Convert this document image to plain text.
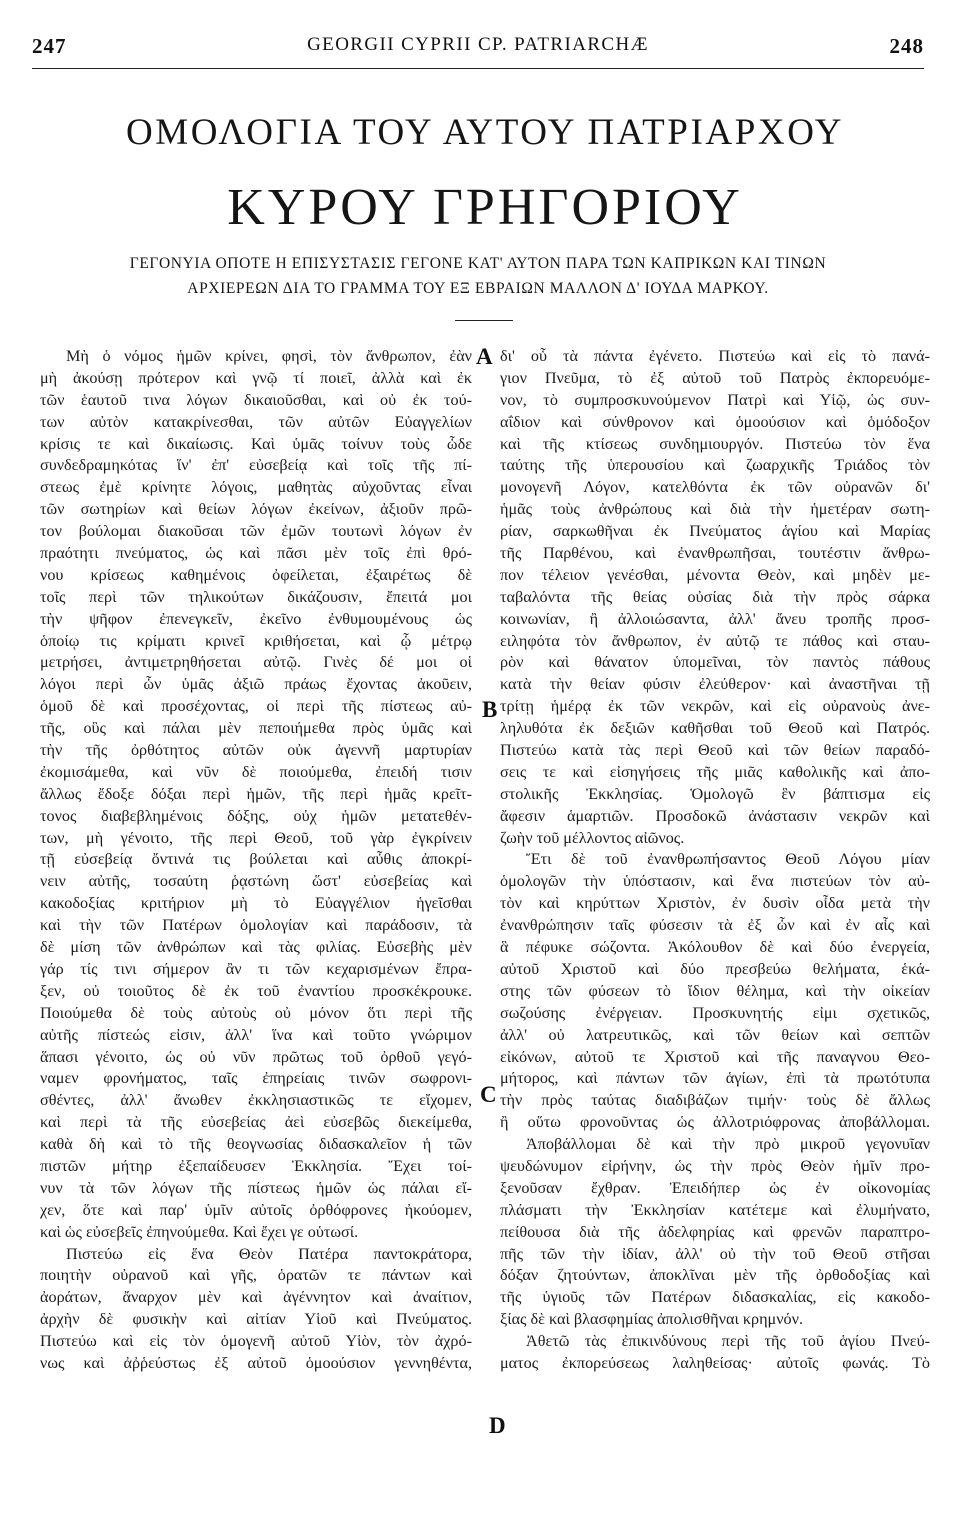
247	GEORGII CYPRII CP. PATRIARCHÆ	248
ΟΜΟΛΟΓΙΑ ΤΟΥ ΑΥΤΟΥ ΠΑΤΡΙΑΡΧΟΥ
ΚΥΡΟΥ ΓΡΗΓΟΡΙΟΥ
ΓΕΓΟΝΥΙΑ ΟΠΟΤΕ Η ΕΠΙΣΥΣΤΑΣΙΣ ΓΕΓΟΝΕ ΚΑΤ' ΑΥΤΟΝ ΠΑΡΑ ΤΩΝ ΚΑΠΡΙΚΩΝ ΚΑΙ ΤΙΝΩΝ
ΑΡΧΙΕΡΕΩΝ ΔΙΑ ΤΟ ΓΡΑΜΜΑ ΤΟΥ ΕΞ ΕΒΡΑΙΩΝ ΜΑΛΛΟΝ Δ' ΙΟΥΔΑ ΜΑΡΚΟΥ.
Μὴ ὁ νόμος ἡμῶν κρίνει, φησὶ, τὸν ἄνθρωπον, ἐὰν
μὴ ἀκούσῃ πρότερον καὶ γνῷ τί ποιεῖ, ἀλλὰ καὶ ἐκ
τῶν ἑαυτοῦ τινα λόγων δικαιοῦσθαι, καὶ οὐ ἐκ τού-
των αὐτὸν κατακρίνεσθαι, τῶν αὐτῶν Εὐαγγελίων
κρίσις τε καὶ δικαίωσις. Καὶ ὑμᾶς τοίνυν τοὺς ὧδε
συνδεδραμηκότας ἵν' ἐπ' εὐσεβείᾳ καὶ τοῖς τῆς πί-
στεως ἐμὲ κρίνητε λόγοις, μαθητὰς αὐχοῦντας εἶναι
τῶν σωτηρίων καὶ θείων λόγων ἐκείνων, ἀξιοῦν πρῶ-
τον βούλομαι διακοῦσαι τῶν ἐμῶν τουτωνὶ λόγων ἐν
πραότητι πνεύματος, ὡς καὶ πᾶσι μὲν τοῖς ἐπὶ θρό-
νου κρίσεως καθημένοις ὀφείλεται, ἐξαιρέτως δὲ
τοῖς περὶ τῶν τηλικούτων δικάζουσιν, ἔπειτά μοι
τὴν ψῆφον ἐπενεγκεῖν, ἐκεῖνο ἐνθυμουμένους ὡς
ὁποίῳ τις κρίματι κρινεῖ κριθήσεται, καὶ ᾧ μέτρῳ
μετρήσει, ἀντιμετρηθήσεται αὐτῷ. Γινὲς δέ μοι οἱ
λόγοι περὶ ὧν ὑμᾶς ἀξιῶ πράως ἔχοντας ἀκοῦειν,
ὁμοῦ δὲ καὶ προσέχοντας, οἱ περὶ τῆς πίστεως αὐ-
τῆς, οὓς καὶ πάλαι μὲν πεποιήμεθα πρὸς ὑμᾶς καὶ
τὴν τῆς ὀρθότητος αὐτῶν οὐκ ἀγεννῆ μαρτυρίαν
ἐκομισάμεθα, καὶ νῦν δὲ ποιούμεθα, ἐπειδή τισιν
ἄλλως ἔδοξε δόξαι περὶ ἡμῶν, τῆς περὶ ἡμᾶς κρεῖτ-
τονος διαβεβλημένοις δόξης, οὐχ ἡμῶν μετατεθέν-
των, μὴ γένοιτο, τῆς περὶ Θεοῦ, τοῦ γὰρ ἐγκρίνειν
τῇ εὐσεβείᾳ ὄντινά τις βούλεται καὶ αὖθις ἀποκρί-
νειν αὐτῆς, τοσαύτη ῥᾳστώνη ὥστ' εὐσεβείας καὶ
κακοδοξίας κριτήριον μὴ τὸ Εὐαγγέλιον ἡγεῖσθαι
καὶ τὴν τῶν Πατέρων ὁμολογίαν καὶ παράδοσιν, τὰ
δὲ μίση τῶν ἀνθρώπων καὶ τὰς φιλίας. Εὐσεβὴς μὲν
γάρ τίς τινι σήμερον ἂν τι τῶν κεχαρισμένων ἔπρα-
ξεν, οὐ τοιοῦτος δὲ ἐκ τοῦ ἐναντίου προσκέκρουκε.
Ποιούμεθα δὲ τοὺς αὐτοὺς οὐ μόνον ὅτι περὶ τῆς
αὐτῆς πίστεώς εἰσιν, ἀλλ' ἵνα καὶ τοῦτο γνώριμον
ἅπασι γένοιτο, ὡς οὐ νῦν πρῶτως τοῦ ὀρθοῦ γεγό-
ναμεν φρονήματος, ταῖς ἐπηρείαις τινῶν σωφρονι-
σθέντες, ἀλλ' ἄνωθεν ἐκκλησιαστικῶς τε εἴχομεν,
καὶ περὶ τὰ τῆς εὐσεβείας ἀεὶ εὐσεβῶς διεκείμεθα,
καθὰ δὴ καὶ τὸ τῆς θεογνωσίας διδασκαλεῖον ἡ τῶν
πιστῶν μήτηρ ἐξεπαίδευσεν Ἐκκλησία. Ἔχει τοί-
νυν τὰ τῶν λόγων τῆς πίστεως ἡμῶν ὡς πάλαι εἴ-
χεν, ὅτε καὶ παρ' ὑμῖν αὐτοῖς ὀρθόφρονες ἠκούομεν,
καὶ ὡς εὐσεβεῖς ἐπηνούμεθα. Καὶ ἔχει γε οὑτωσί.
Πιστεύω εἰς ἕνα Θεὸν Πατέρα παντοκράτορα,
ποιητὴν οὐρανοῦ καὶ γῆς, ὁρατῶν τε πάντων καὶ
ἀοράτων, ἄναρχον μὲν καὶ ἀγέννητον καὶ ἀναίτιον,
ἀρχὴν δὲ φυσικὴν καὶ αἰτίαν Υἱοῦ καὶ Πνεύματος.
Πιστεύω καὶ εἰς τὸν ὁμογενῆ αὐτοῦ Υἱὸν, τὸν ἀχρό-
νως καὶ ἀῤῥεύστως ἐξ αὐτοῦ ὁμοούσιον γεννηθέντα,
δι' οὗ τὰ πάντα ἐγένετο. Πιστεύω καὶ εἰς τὸ πανά-
γιον Πνεῦμα, τὸ ἐξ αὐτοῦ τοῦ Πατρὸς ἐκπορευόμε-
νον, τὸ συμπροσκυνούμενον Πατρὶ καὶ Υἱῷ, ὡς συν-
αΐδιον καὶ σύνθρονον καὶ ὁμοούσιον καὶ ὁμόδοξον
καὶ τῆς κτίσεως συνδημιουργόν. Πιστεύω τὸν ἕνα
ταύτης τῆς ὑπερουσίου καὶ ζωαρχικῆς Τριάδος τὸν
μονογενῆ Λόγον, κατελθόντα ἐκ τῶν οὐρανῶν δι'
ἡμᾶς τοὺς ἀνθρώπους καὶ διὰ τὴν ἡμετέραν σωτη-
ρίαν, σαρκωθῆναι ἐκ Πνεύματος ἁγίου καὶ Μαρίας
τῆς Παρθένου, καὶ ἐνανθρωπῆσαι, τουτέστιν ἄνθρω-
πον τέλειον γενέσθαι, μένοντα Θεὸν, καὶ μηδὲν με-
ταβαλόντα τῆς θείας οὐσίας διὰ τὴν πρὸς σάρκα
κοινωνίαν, ἢ ἀλλοιώσαντα, ἀλλ' ἄνευ τροπῆς προσ-
ειληφότα τὸν ἄνθρωπον, ἐν αὐτῷ τε πάθος καὶ σταυ-
ρὸν καὶ θάνατον ὑπομεῖναι, τὸν παντὸς πάθους
κατὰ τὴν θείαν φύσιν ἐλεύθερον· καὶ ἀναστῆναι τῇ
τρίτῃ ἡμέρᾳ ἐκ τῶν νεκρῶν, καὶ εἰς οὐρανοὺς ἀνε-
ληλυθότα ἐκ δεξιῶν καθῆσθαι τοῦ Θεοῦ καὶ Πατρός.
Πιστεύω κατὰ τὰς περὶ Θεοῦ καὶ τῶν θείων παραδό-
σεις τε καὶ εἰσηγήσεις τῆς μιᾶς καθολικῆς καὶ ἀπο-
στολικῆς Ἐκκλησίας. Ὁμολογῶ ἓν βάπτισμα εἰς
ἄφεσιν ἁμαρτιῶν. Προσδοκῶ ἀνάστασιν νεκρῶν καὶ
ζωὴν τοῦ μέλλοντος αἰῶνος.
Ἔτι δὲ τοῦ ἐνανθρωπήσαντος Θεοῦ Λόγου μίαν
ὁμολογῶν τὴν ὑπόστασιν, καὶ ἕνα πιστεύων τὸν αὐ-
τὸν καὶ κηρύττων Χριστὸν, ἐν δυσὶν οἶδα μετὰ τὴν
ἐνανθρώπησιν ταῖς φύσεσιν τὰ ἐξ ὧν καὶ ἐν αἷς καὶ
ἃ πέφυκε σώζοντα. Ἀκόλουθον δὲ καὶ δύο ἐνεργεία,
αὐτοῦ Χριστοῦ καὶ δύο πρεσβεύω θελήματα, ἑκά-
στης τῶν φύσεων τὸ ἴδιον θέλημα, καὶ τὴν οἰκείαν
σωζούσης ἐνέργειαν. Προσκυνητής εἰμι σχετικῶς,
ἀλλ' οὐ λατρευτικῶς, καὶ τῶν θείων καὶ σεπτῶν
εἰκόνων, αὐτοῦ τε Χριστοῦ καὶ τῆς παναγνου Θεο-
μήτορος, καὶ πάντων τῶν ἁγίων, ἐπὶ τὰ πρωτότυπα
τὴν πρὸς ταύτας διαδιβάζων τιμήν· τοὺς δὲ ἄλλως
ἢ οὕτω φρονοῦντας ὡς ἀλλοτριόφρονας ἀποβάλλομαι.
Ἀποβάλλομαι δὲ καὶ τὴν πρὸ μικροῦ γεγονυῖαν
ψευδώνυμον εἰρήνην, ὡς τὴν πρὸς Θεὸν ἡμῖν προ-
ξενοῦσαν ἔχθραν. Ἐπειδήπερ ὡς ἐν οἰκονομίας
πλάσματι τὴν Ἐκκλησίαν κατέτεμε καὶ ἐλυμήνατο,
πείθουσα διὰ τῆς ἀδελφηρίας καὶ φρενῶν παραπτρο-
πῆς τῶν τὴν ἰδίαν, ἀλλ' οὐ τὴν τοῦ Θεοῦ στῆσαι
δόξαν ζητούντων, ἀποκλῖναι μὲν τῆς ὀρθοδοξίας καὶ
τῆς ὑγιοῦς τῶν Πατέρων διδασκαλίας, εἰς κακοδο-
ξίας δὲ καὶ βλασφημίας ἀπολισθῆναι κρημνόν.
Ἀθετῶ τὰς ἐπικινδύνους περὶ τῆς τοῦ ἁγίου Πνεύ-
ματος ἐκπορεύσεως λαληθείσας· αὐτοῖς φωνάς. Τὸ
A
B
C
D
